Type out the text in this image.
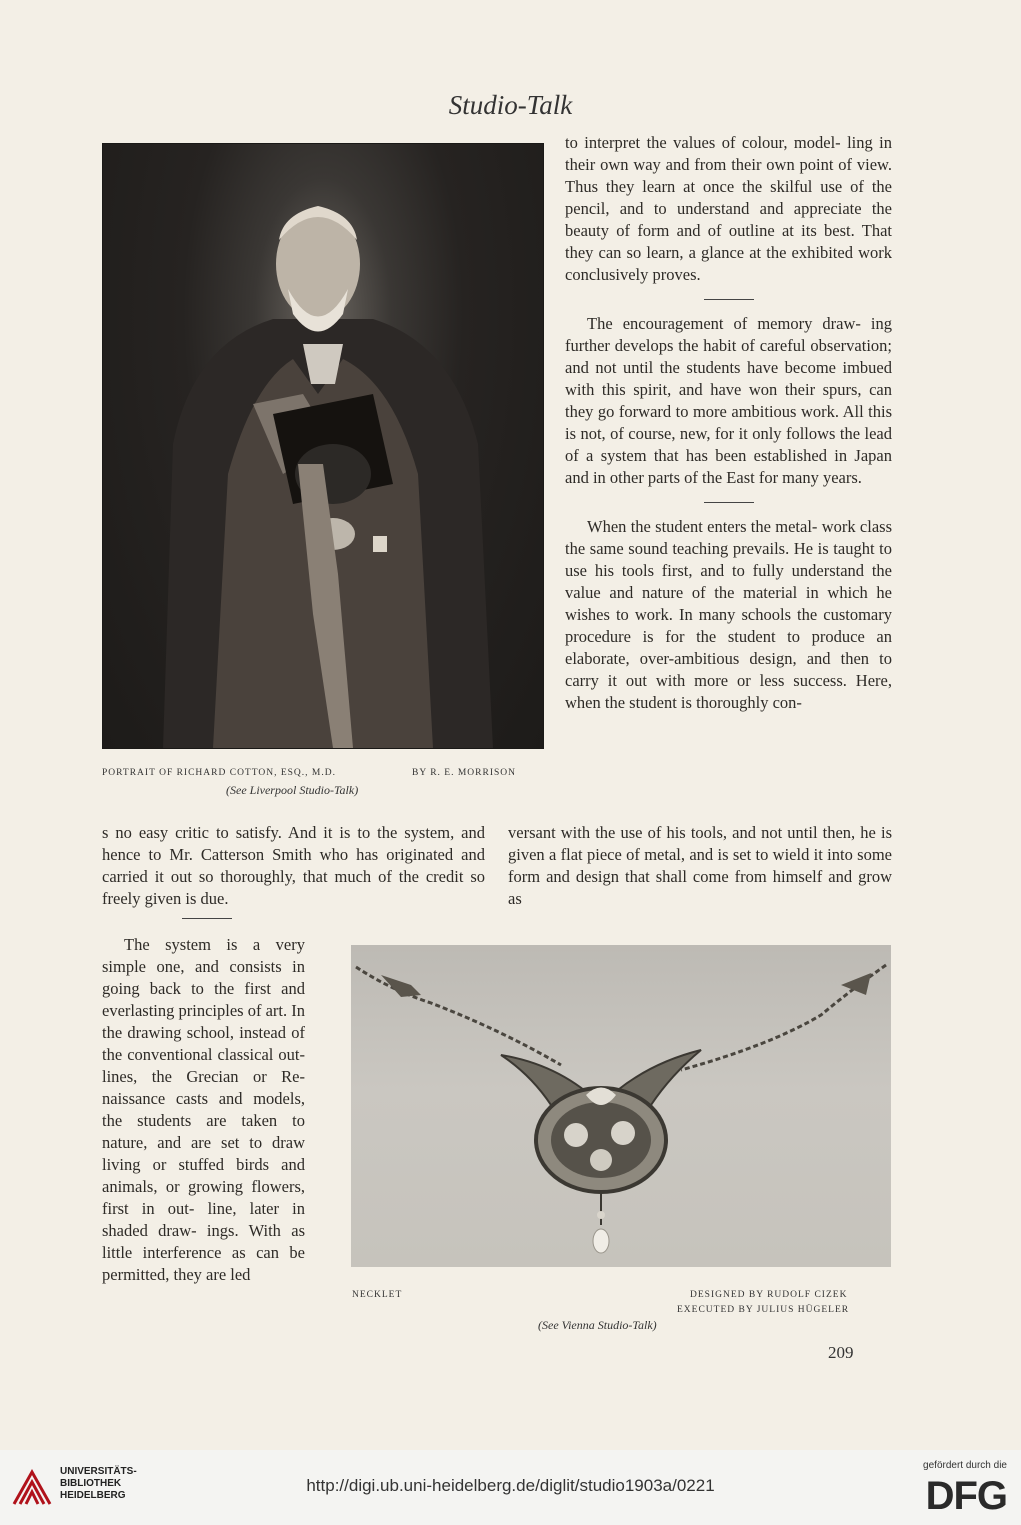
Studio-Talk
PORTRAIT OF RICHARD COTTON, ESQ., M.D.	BY R. E. MORRISON
(See Liverpool Studio-Talk)

to interpret the values of colour, model- ling in their own way and from their own point of view. Thus they learn at once the skilful use of the pencil, and to understand and appreciate the beauty of form and of outline at its best. That they can so learn, a glance at the exhibited work conclusively proves.

The encouragement of memory draw- ing further develops the habit of careful observation; and not until the students have become imbued with this spirit, and have won their spurs, can they go forward to more ambitious work. All this is not, of course, new, for it only follows the lead of a system that has been established in Japan and in other parts of the East for many years.

When the student enters the metal- work class the same sound teaching prevails. He is taught to use his tools first, and to fully understand the value and nature of the material in which he wishes to work. In many schools the customary procedure is for the student to produce an elaborate, over-ambitious design, and then to carry it out with more or less success. Here, when the student is thoroughly con-

s no easy critic to satisfy. And it is to the system, and hence to Mr. Catterson Smith who has originated and carried it out so thoroughly, that much of the credit so freely given is due.
versant with the use of his tools, and not until then, he is given a flat piece of metal, and is set to wield it into some form and design that shall come from himself and grow as

The system is a very simple one, and consists in going back to the first and everlasting principles of art. In the drawing school, instead of the conventional classical out- lines, the Grecian or Re- naissance casts and models, the students are taken to nature, and are set to draw living or stuffed birds and animals, or growing flowers, first in out- line, later in shaded draw- ings. With as little interference as can be permitted, they are led

NECKLET	DESIGNED BY RUDOLF CIZEK
EXECUTED BY JULIUS HÜGELER
(See Vienna Studio-Talk)
209
UNIVERSITÄTS-
BIBLIOTHEK
HEIDELBERG
http://digi.ub.uni-heidelberg.de/diglit/studio1903a/0221
gefördert durch die
DFG
